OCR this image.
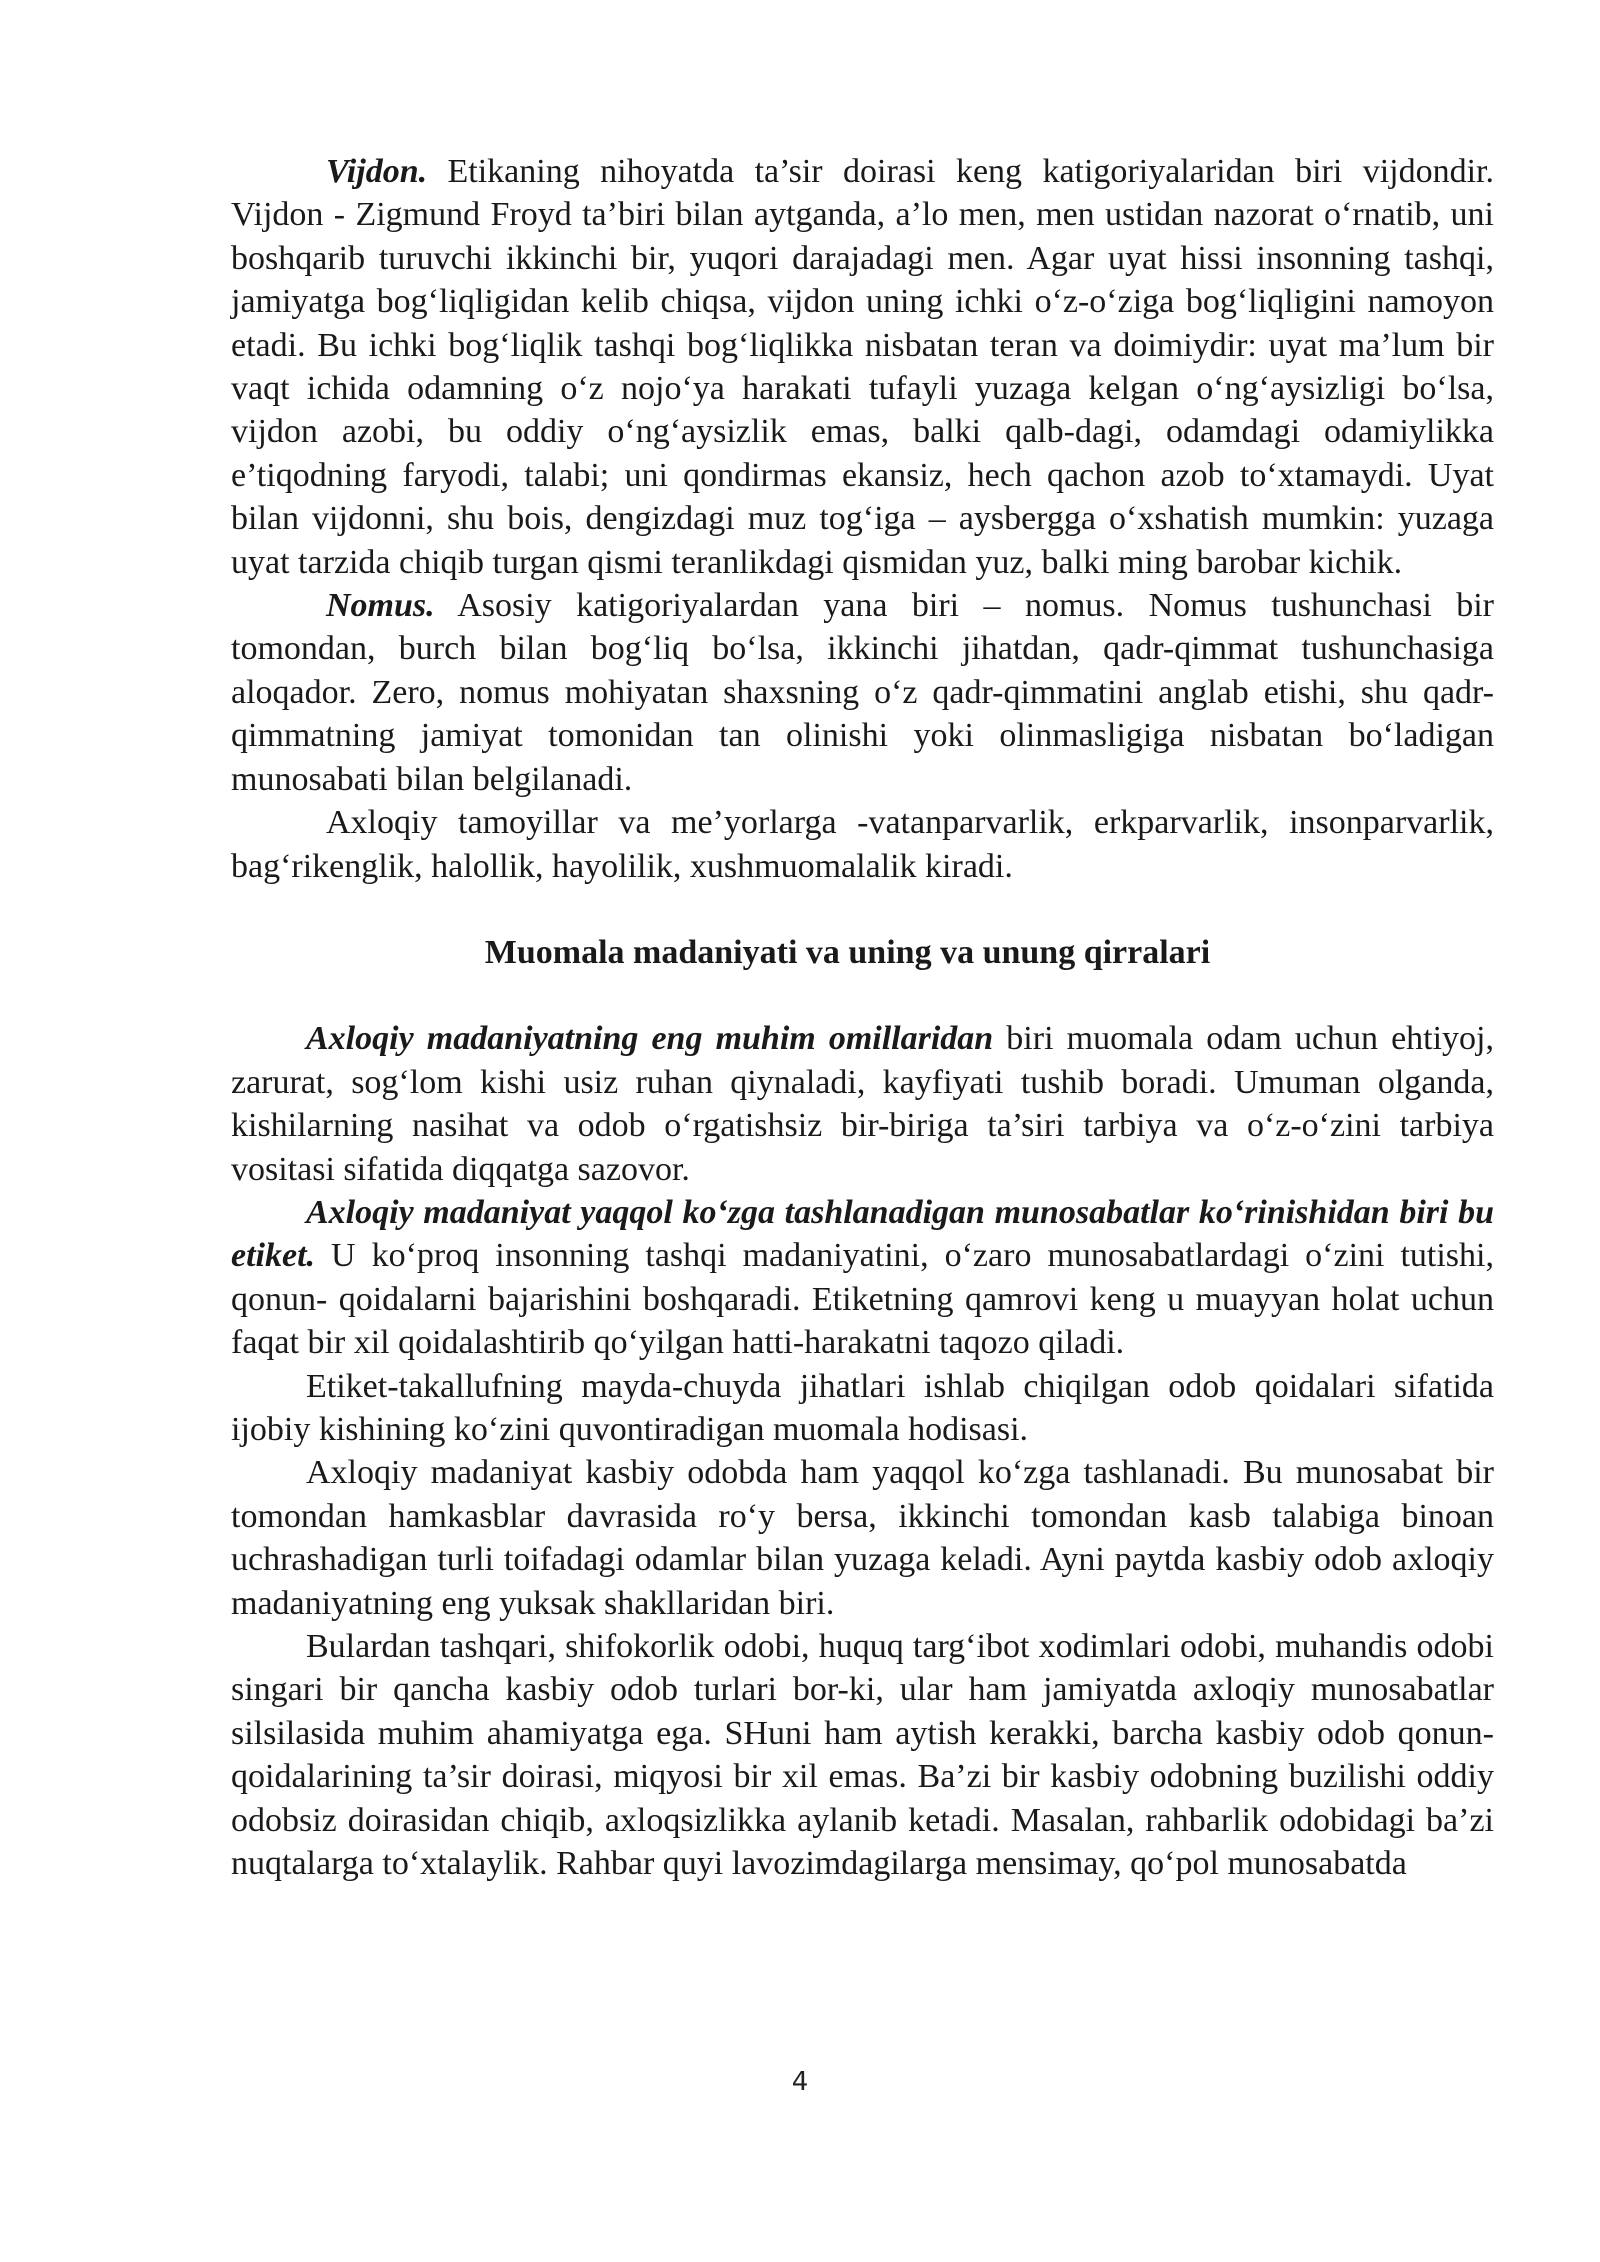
Vijdon. Etikaning nihoyatda ta’sir doirasi keng katigoriyalaridan biri vijdondir. Vijdon - Zigmund Froyd ta’biri bilan aytganda, a’lo men, men ustidan nazorat o‘rnatib, uni boshqarib turuvchi ikkinchi bir, yuqori darajadagi men. Agar uyat hissi insonning tashqi, jamiyatga bog‘liqligidan kelib chiqsa, vijdon uning ichki o‘z-o‘ziga bog‘liqligini namoyon etadi. Bu ichki bog‘liqlik tashqi bog‘liqlikka nisbatan teran va doimiydir: uyat ma’lum bir vaqt ichida odamning o‘z nojo‘ya harakati tufayli yuzaga kelgan o‘ng‘aysizligi bo‘lsa, vijdon azobi, bu oddiy o‘ng‘aysizlik emas, balki qalb-dagi, odamdagi odamiylikka e’tiqodning faryodi, talabi; uni qondirmas ekansiz, hech qachon azob to‘xtamaydi. Uyat bilan vijdonni, shu bois, dengizdagi muz tog‘iga – aysbergga o‘xshatish mumkin: yuzaga uyat tarzida chiqib turgan qismi teranlikdagi qismidan yuz, balki ming barobar kichik.

Nomus. Asosiy katigoriyalardan yana biri – nomus. Nomus tushunchasi bir tomondan, burch bilan bog‘liq bo‘lsa, ikkinchi jihatdan, qadr-qimmat tushunchasiga aloqador. Zero, nomus mohiyatan shaxsning o‘z qadr-qimmatini anglab etishi, shu qadr-qimmatning jamiyat tomonidan tan olinishi yoki olinmasligiga nisbatan bo‘ladigan munosabati bilan belgilanadi.

Axloqiy tamoyillar va me’yorlarga -vatanparvarlik, erkparvarlik, insonparvarlik, bag‘rikenglik, halollik, hayolilik, xushmuomalalik kiradi.

Muomala madaniyati va uning va unung qirralari

Axloqiy madaniyatning eng muhim omillaridan biri muomala odam uchun ehtiyoj, zarurat, sog‘lom kishi usiz ruhan qiynaladi, kayfiyati tushib boradi. Umuman olganda, kishilarning nasihat va odob o‘rgatishsiz bir-biriga ta’siri tarbiya va o‘z-o‘zini tarbiya vositasi sifatida diqqatga sazovor.

Axloqiy madaniyat yaqqol ko‘zga tashlanadigan munosabatlar ko‘rinishidan biri bu etiket. U ko‘proq insonning tashqi madaniyatini, o‘zaro munosabatlardagi o‘zini tutishi, qonun- qoidalarni bajarishini boshqaradi. Etiketning qamrovi keng u muayyan holat uchun faqat bir xil qoidalashtirib qo‘yilgan hatti-harakatni taqozo qiladi.

Etiket-takallufning mayda-chuyda jihatlari ishlab chiqilgan odob qoidalari sifatida ijobiy kishining ko‘zini quvontiradigan muomala hodisasi.

Axloqiy madaniyat kasbiy odobda ham yaqqol ko‘zga tashlanadi. Bu munosabat bir tomondan hamkasblar davrasida ro‘y bersa, ikkinchi tomondan kasb talabiga binoan uchrashadigan turli toifadagi odamlar bilan yuzaga keladi. Ayni paytda kasbiy odob axloqiy madaniyatning eng yuksak shakllaridan biri.

Bulardan tashqari, shifokorlik odobi, huquq targ‘ibot xodimlari odobi, muhandis odobi singari bir qancha kasbiy odob turlari bor-ki, ular ham jamiyatda axloqiy munosabatlar silsilasida muhim ahamiyatga ega. SHuni ham aytish kerakki, barcha kasbiy odob qonun-qoidalarining ta’sir doirasi, miqyosi bir xil emas. Ba’zi bir kasbiy odobning buzilishi oddiy odobsiz doirasidan chiqib, axloqsizlikka aylanib ketadi. Masalan, rahbarlik odobidagi ba’zi nuqtalarga to‘xtalaylik. Rahbar quyi lavozimdagilarga mensimay, qo‘pol munosabatda

4
